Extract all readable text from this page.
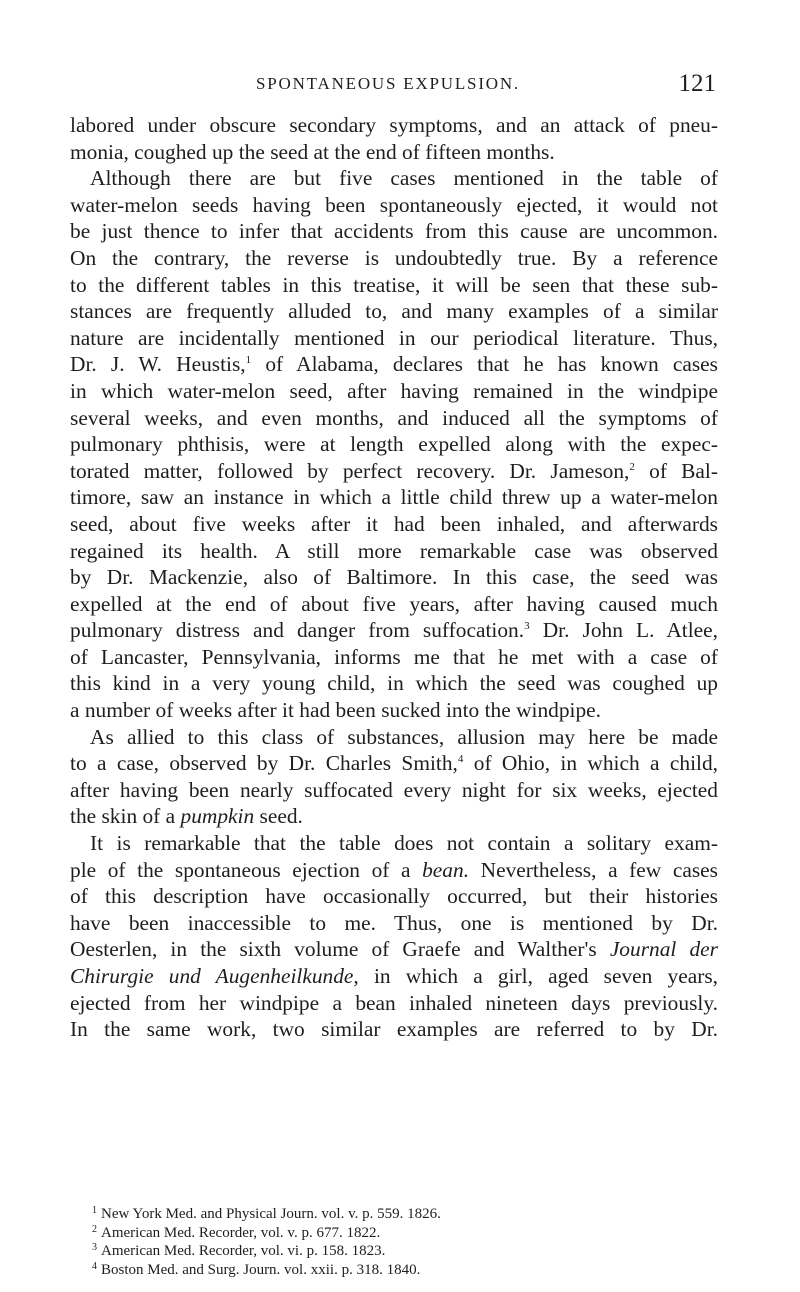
SPONTANEOUS EXPULSION.	121
labored under obscure secondary symptoms, and an attack of pneu-
monia, coughed up the seed at the end of fifteen months.
Although there are but five cases mentioned in the table of
water-melon seeds having been spontaneously ejected, it would not
be just thence to infer that accidents from this cause are uncommon.
On the contrary, the reverse is undoubtedly true. By a reference
to the different tables in this treatise, it will be seen that these sub-
stances are frequently alluded to, and many examples of a similar
nature are incidentally mentioned in our periodical literature. Thus,
Dr. J. W. Heustis,$^1$ of Alabama, declares that he has known cases
in which water-melon seed, after having remained in the windpipe
several weeks, and even months, and induced all the symptoms of
pulmonary phthisis, were at length expelled along with the expec-
torated matter, followed by perfect recovery. Dr. Jameson,$^2$ of Bal-
timore, saw an instance in which a little child threw up a water-melon
seed, about five weeks after it had been inhaled, and afterwards
regained its health. A still more remarkable case was observed
by Dr. Mackenzie, also of Baltimore. In this case, the seed was
expelled at the end of about five years, after having caused much
pulmonary distress and danger from suffocation.$^3$ Dr. John L. Atlee,
of Lancaster, Pennsylvania, informs me that he met with a case of
this kind in a very young child, in which the seed was coughed up
a number of weeks after it had been sucked into the windpipe.
As allied to this class of substances, allusion may here be made
to a case, observed by Dr. Charles Smith,$^4$ of Ohio, in which a child,
after having been nearly suffocated every night for six weeks, ejected
the skin of a pumpkin seed.
It is remarkable that the table does not contain a solitary exam-
ple of the spontaneous ejection of a bean. Nevertheless, a few cases
of this description have occasionally occurred, but their histories
have been inaccessible to me. Thus, one is mentioned by Dr.
Oesterlen, in the sixth volume of Graefe and Walther's Journal der
Chirurgie und Augenheilkunde, in which a girl, aged seven years,
ejected from her windpipe a bean inhaled nineteen days previously.
In the same work, two similar examples are referred to by Dr.
$^1$ New York Med. and Physical Journ. vol. v. p. 559. 1826.
$^2$ American Med. Recorder, vol. v. p. 677. 1822.
$^3$ American Med. Recorder, vol. vi. p. 158. 1823.
$^4$ Boston Med. and Surg. Journ. vol. xxii. p. 318. 1840.
